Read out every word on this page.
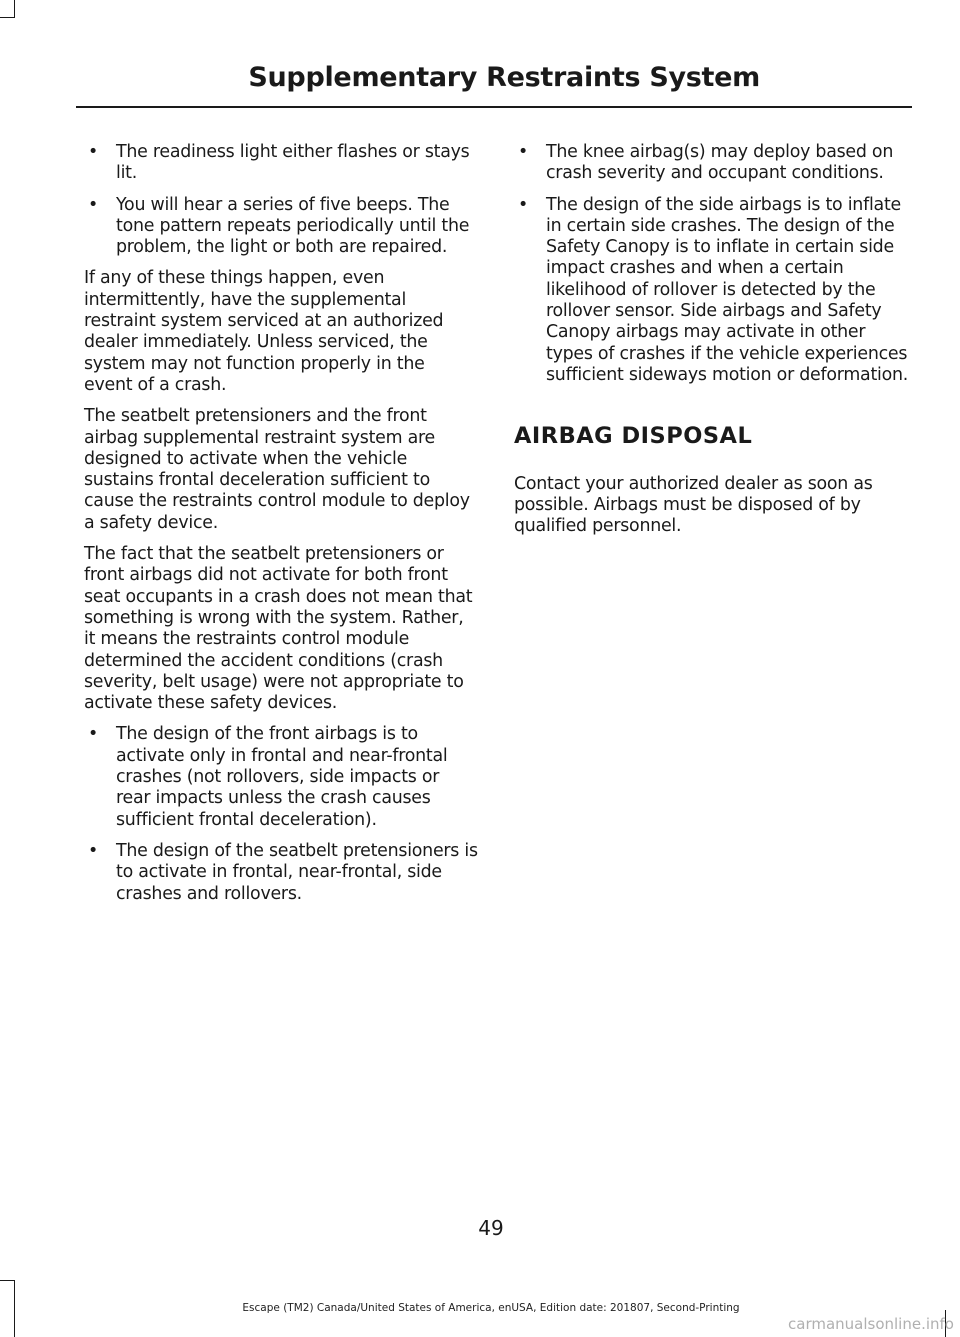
Supplementary Restraints System
• The readiness light either flashes or stays lit.
• You will hear a series of five beeps. The tone pattern repeats periodically until the problem, the light or both are repaired.

If any of these things happen, even intermittently, have the supplemental restraint system serviced at an authorized dealer immediately. Unless serviced, the system may not function properly in the event of a crash.

The seatbelt pretensioners and the front airbag supplemental restraint system are designed to activate when the vehicle sustains frontal deceleration sufficient to cause the restraints control module to deploy a safety device.

The fact that the seatbelt pretensioners or front airbags did not activate for both front seat occupants in a crash does not mean that something is wrong with the system. Rather, it means the restraints control module determined the accident conditions (crash severity, belt usage) were not appropriate to activate these safety devices.

• The design of the front airbags is to activate only in frontal and near-frontal crashes (not rollovers, side impacts or rear impacts unless the crash causes sufficient frontal deceleration).
• The design of the seatbelt pretensioners is to activate in frontal, near-frontal, side crashes and rollovers.
• The knee airbag(s) may deploy based on crash severity and occupant conditions.
• The design of the side airbags is to inflate in certain side crashes. The design of the Safety Canopy is to inflate in certain side impact crashes and when a certain likelihood of rollover is detected by the rollover sensor. Side airbags and Safety Canopy airbags may activate in other types of crashes if the vehicle experiences sufficient sideways motion or deformation.
AIRBAG DISPOSAL

Contact your authorized dealer as soon as possible. Airbags must be disposed of by qualified personnel.

49
Escape (TM2) Canada/United States of America, enUSA, Edition date: 201807, Second-Printing
carmanualsonline.info
